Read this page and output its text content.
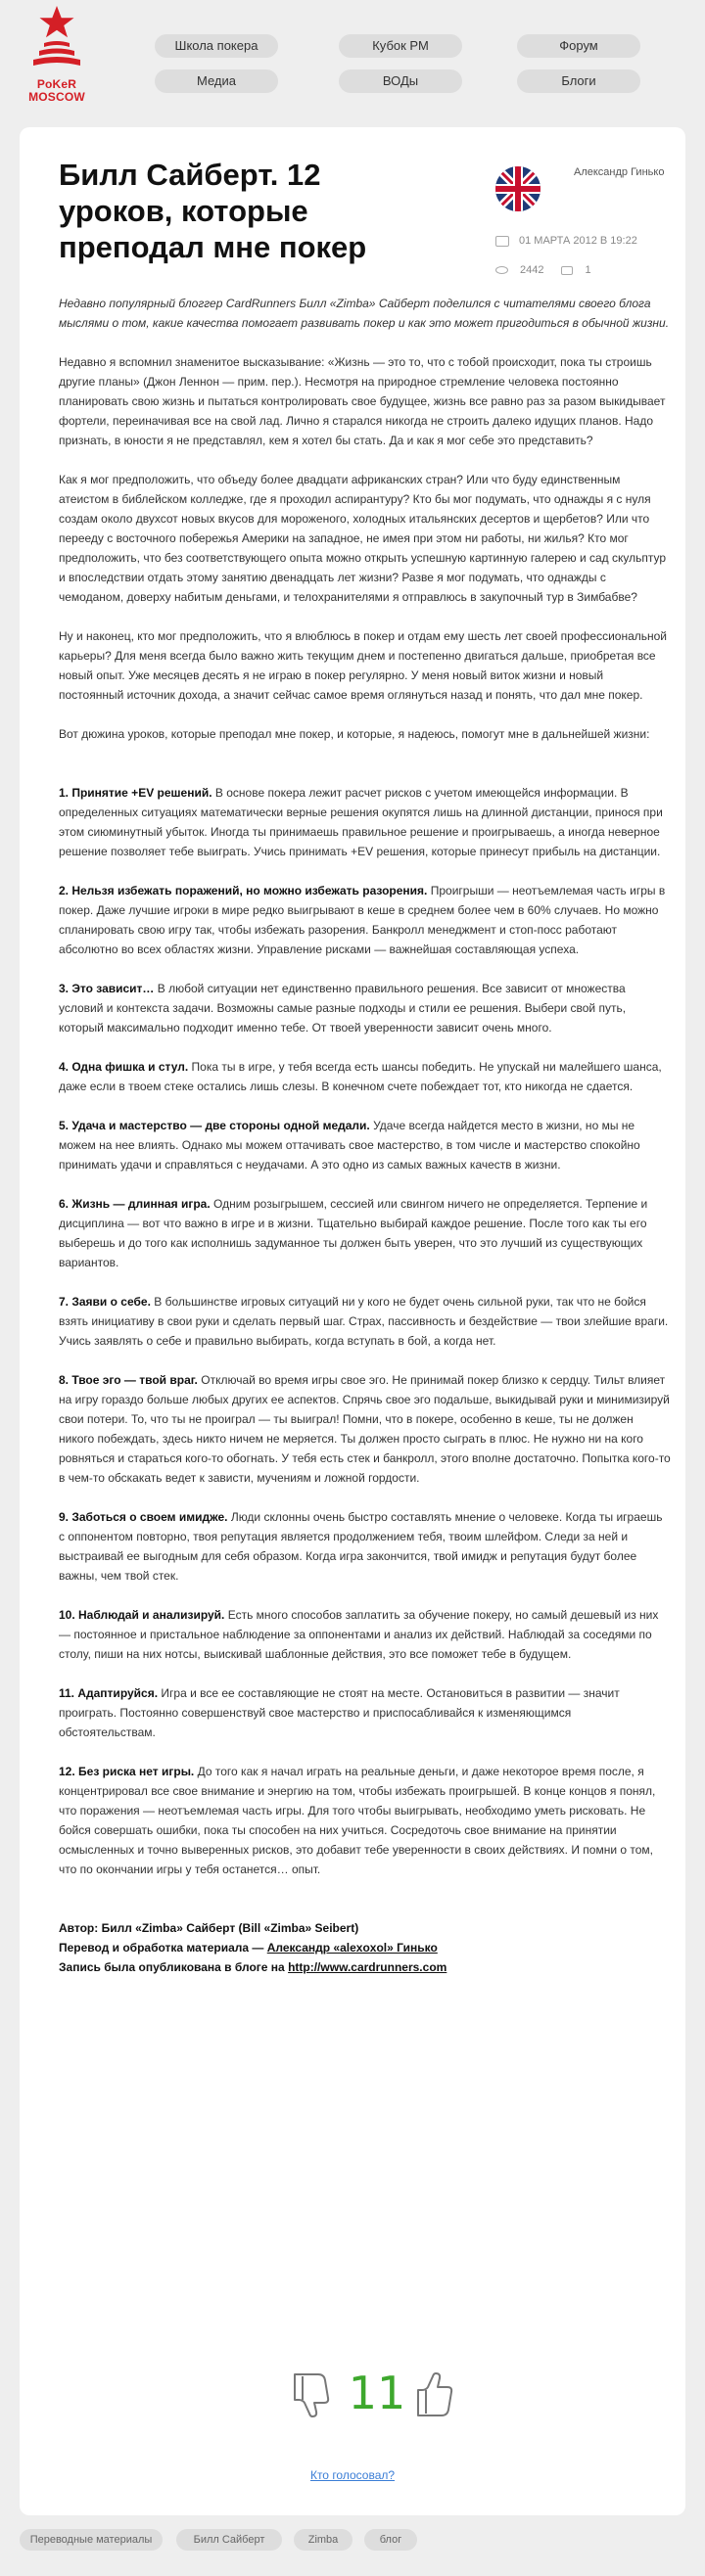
PoKeR
MOSCOW
Школа покера	Кубок РМ	Форум
Медиа	ВОДы	Блоги
Билл Сайберт. 12 уроков, которые преподал мне покер
Александр Гинько
01 МАРТА 2012 В 19:22
2442	1

Недавно популярный блоггер CardRunners Билл «Zimba» Сайберт поделился с читателями своего блога мыслями о том, какие качества помогает развивать покер и как это может пригодиться в обычной жизни.

Недавно я вспомнил знаменитое высказывание: «Жизнь — это то, что с тобой происходит, пока ты строишь другие планы» (Джон Леннон — прим. пер.). Несмотря на природное стремление человека постоянно планировать свою жизнь и пытаться контролировать свое будущее, жизнь все равно раз за разом выкидывает фортели, переиначивая все на свой лад. Лично я старался никогда не строить далеко идущих планов. Надо признать, в юности я не представлял, кем я хотел бы стать. Да и как я мог себе это представить?

Как я мог предположить, что объеду более двадцати африканских стран? Или что буду единственным атеистом в библейском колледже, где я проходил аспирантуру? Кто бы мог подумать, что однажды я с нуля создам около двухсот новых вкусов для мороженого, холодных итальянских десертов и щербетов? Или что перееду с восточного побережья Америки на западное, не имея при этом ни работы, ни жилья? Кто мог предположить, что без соответствующего опыта можно открыть успешную картинную галерею и сад скульптур и впоследствии отдать этому занятию двенадцать лет жизни? Разве я мог подумать, что однажды с чемоданом, доверху набитым деньгами, и телохранителями я отправлюсь в закупочный тур в Зимбабве?

Ну и наконец, кто мог предположить, что я влюблюсь в покер и отдам ему шесть лет своей профессиональной карьеры? Для меня всегда было важно жить текущим днем и постепенно двигаться дальше, приобретая все новый опыт. Уже месяцев десять я не играю в покер регулярно. У меня новый виток жизни и новый постоянный источник дохода, а значит сейчас самое время оглянуться назад и понять, что дал мне покер.

Вот дюжина уроков, которые преподал мне покер, и которые, я надеюсь, помогут мне в дальнейшей жизни:

1. Принятие +EV решений. В основе покера лежит расчет рисков с учетом имеющейся информации. В определенных ситуациях математически верные решения окупятся лишь на длинной дистанции, принося при этом сиюминутный убыток. Иногда ты принимаешь правильное решение и проигрываешь, а иногда неверное решение позволяет тебе выиграть. Учись принимать +EV решения, которые принесут прибыль на дистанции.

2. Нельзя избежать поражений, но можно избежать разорения. Проигрыши — неотъемлемая часть игры в покер. Даже лучшие игроки в мире редко выигрывают в кеше в среднем более чем в 60% случаев. Но можно спланировать свою игру так, чтобы избежать разорения. Банкролл менеджмент и стоп-посс работают абсолютно во всех областях жизни. Управление рисками — важнейшая составляющая успеха.

3. Это зависит… В любой ситуации нет единственно правильного решения. Все зависит от множества условий и контекста задачи. Возможны самые разные подходы и стили ее решения. Выбери свой путь, который максимально подходит именно тебе. От твоей уверенности зависит очень много.

4. Одна фишка и стул. Пока ты в игре, у тебя всегда есть шансы победить. Не упускай ни малейшего шанса, даже если в твоем стеке остались лишь слезы. В конечном счете побеждает тот, кто никогда не сдается.

5. Удача и мастерство — две стороны одной медали. Удаче всегда найдется место в жизни, но мы не можем на нее влиять. Однако мы можем оттачивать свое мастерство, в том числе и мастерство спокойно принимать удачи и справляться с неудачами. А это одно из самых важных качеств в жизни.

6. Жизнь — длинная игра. Одним розыгрышем, сессией или свингом ничего не определяется. Терпение и дисциплина — вот что важно в игре и в жизни. Тщательно выбирай каждое решение. После того как ты его выберешь и до того как исполнишь задуманное ты должен быть уверен, что это лучший из существующих вариантов.

7. Заяви о себе. В большинстве игровых ситуаций ни у кого не будет очень сильной руки, так что не бойся взять инициативу в свои руки и сделать первый шаг. Страх, пассивность и бездействие — твои злейшие враги. Учись заявлять о себе и правильно выбирать, когда вступать в бой, а когда нет.

8. Твое эго — твой враг. Отключай во время игры свое эго. Не принимай покер близко к сердцу. Тильт влияет на игру гораздо больше любых других ее аспектов. Спрячь свое эго подальше, выкидывай руки и минимизируй свои потери. То, что ты не проиграл — ты выиграл! Помни, что в покере, особенно в кеше, ты не должен никого побеждать, здесь никто ничем не меряется. Ты должен просто сыграть в плюс. Не нужно ни на кого ровняться и стараться кого-то обогнать. У тебя есть стек и банкролл, этого вполне достаточно. Попытка кого-то в чем-то обскакать ведет к зависти, мучениям и ложной гордости.

9. Заботься о своем имидже. Люди склонны очень быстро составлять мнение о человеке. Когда ты играешь с оппонентом повторно, твоя репутация является продолжением тебя, твоим шлейфом. Следи за ней и выстраивай ее выгодным для себя образом. Когда игра закончится, твой имидж и репутация будут более важны, чем твой стек.

10. Наблюдай и анализируй. Есть много способов заплатить за обучение покеру, но самый дешевый из них — постоянное и пристальное наблюдение за оппонентами и анализ их действий. Наблюдай за соседями по столу, пиши на них нотсы, выискивай шаблонные действия, это все поможет тебе в будущем.

11. Адаптируйся. Игра и все ее составляющие не стоят на месте. Остановиться в развитии — значит проиграть. Постоянно совершенствуй свое мастерство и приспосабливайся к изменяющимся обстоятельствам.

12. Без риска нет игры. До того как я начал играть на реальные деньги, и даже некоторое время после, я концентрировал все свое внимание и энергию на том, чтобы избежать проигрышей. В конце концов я понял, что поражения — неотъемлемая часть игры. Для того чтобы выигрывать, необходимо уметь рисковать. Не бойся совершать ошибки, пока ты способен на них учиться. Сосредоточь свое внимание на принятии осмысленных и точно выверенных рисков, это добавит тебе уверенности в своих действиях. И помни о том, что по окончании игры у тебя останется… опыт.

Автор: Билл «Zimba» Сайберт (Bill «Zimba» Seibert)

Перевод и обработка материала — Александр «alexoxol» Гинько

Запись была опубликована в блоге на http://www.cardrunners.com

11
Кто голосовал?
Переводные материалы	Билл Сайберт	Zimba	блог
